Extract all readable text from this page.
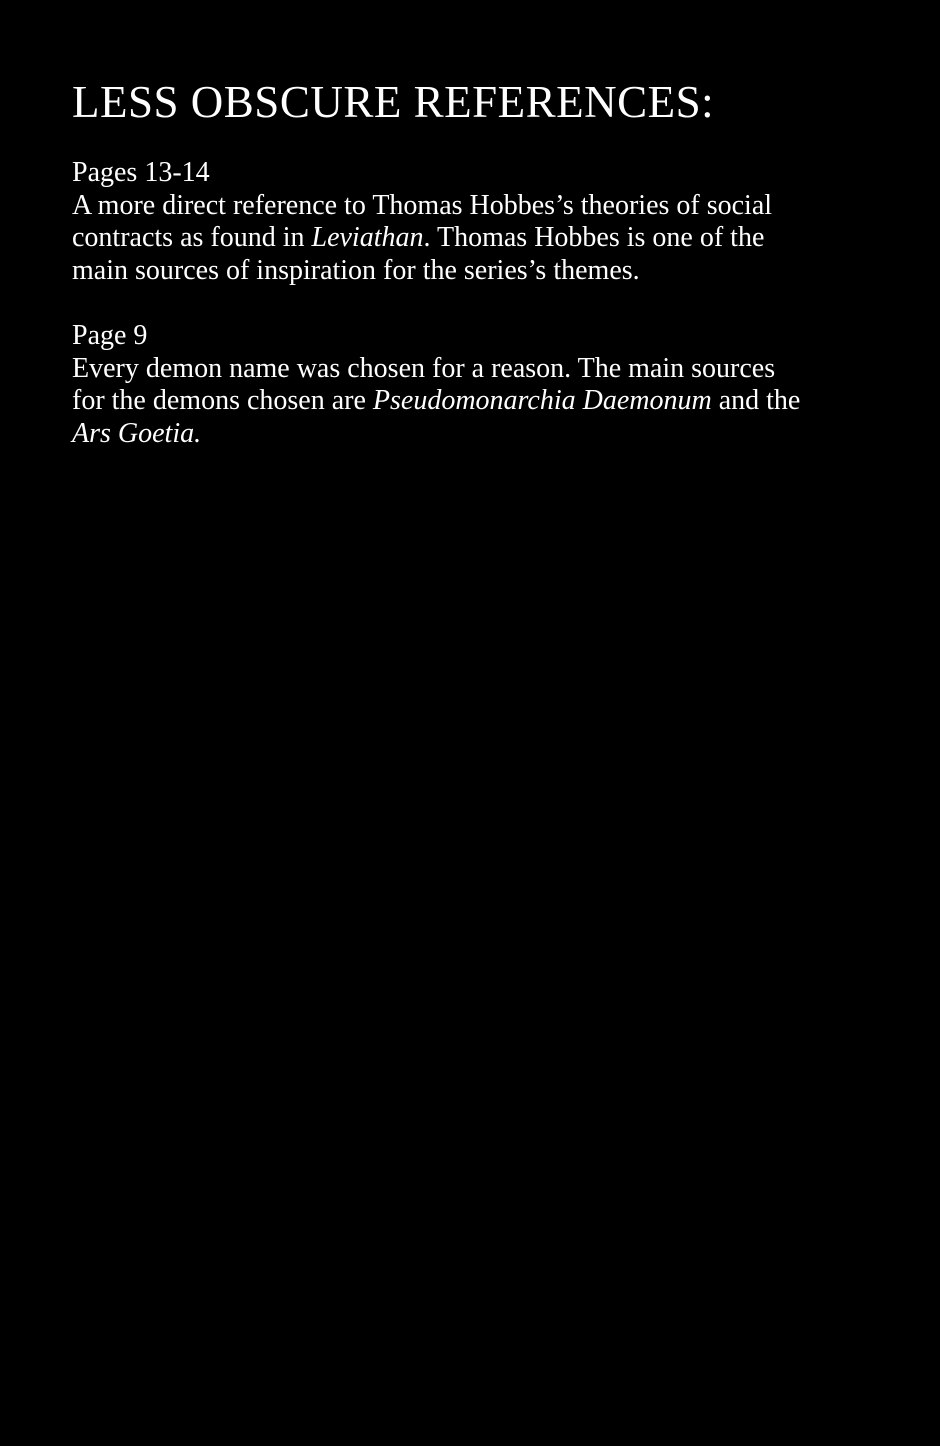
LESS OBSCURE REFERENCES:
Pages 13-14
A more direct reference to Thomas Hobbes’s theories of social
contracts as found in Leviathan. Thomas Hobbes is one of the
main sources of inspiration for the series’s themes.
Page 9
Every demon name was chosen for a reason. The main sources
for the demons chosen are Pseudomonarchia Daemonum and the
Ars Goetia.
